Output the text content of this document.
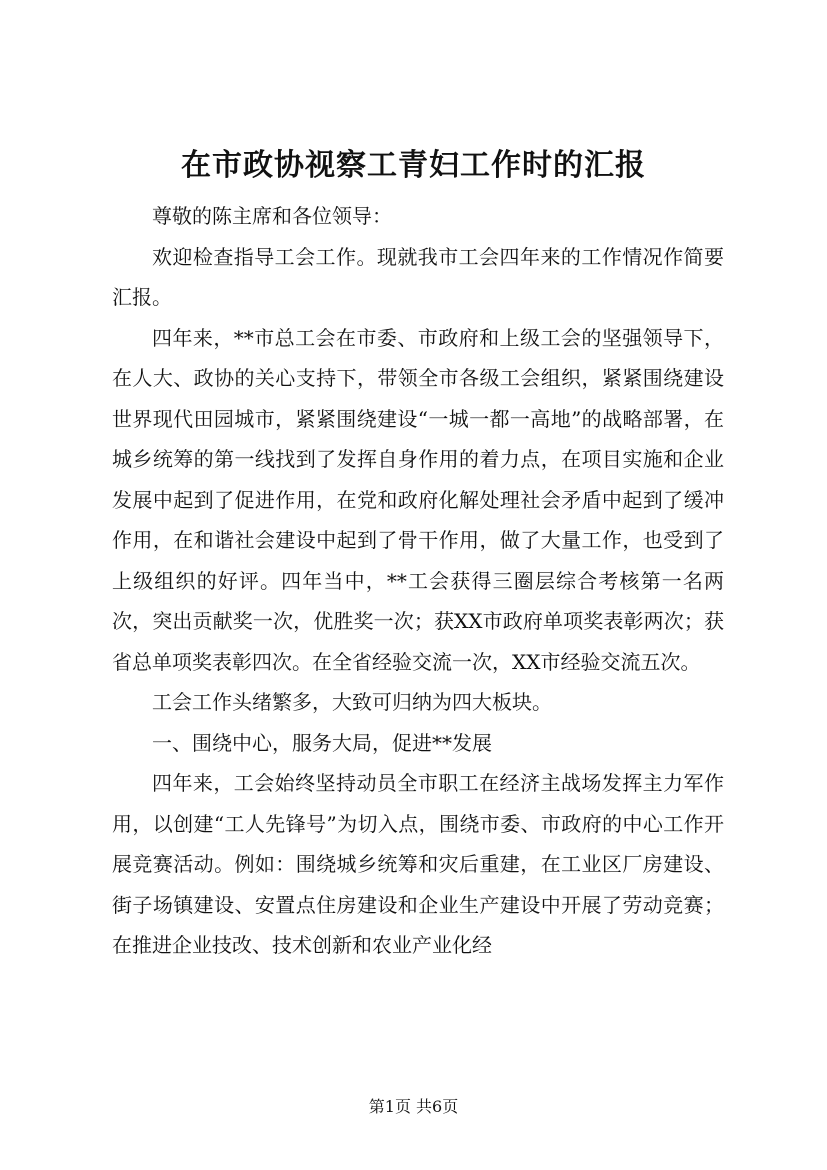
在市政协视察工青妇工作时的汇报

尊敬的陈主席和各位领导：

欢迎检查指导工会工作。现就我市工会四年来的工作情况作简要汇报。

四年来，**市总工会在市委、市政府和上级工会的坚强领导下，在人大、政协的关心支持下，带领全市各级工会组织，紧紧围绕建设世界现代田园城市，紧紧围绕建设“一城一都一高地”的战略部署，在城乡统筹的第一线找到了发挥自身作用的着力点，在项目实施和企业发展中起到了促进作用，在党和政府化解处理社会矛盾中起到了缓冲作用，在和谐社会建设中起到了骨干作用，做了大量工作，也受到了上级组织的好评。四年当中，**工会获得三圈层综合考核第一名两次，突出贡献奖一次，优胜奖一次；获XX市政府单项奖表彰两次；获省总单项奖表彰四次。在全省经验交流一次，XX市经验交流五次。

工会工作头绪繁多，大致可归纳为四大板块。

一、围绕中心，服务大局，促进**发展

四年来，工会始终坚持动员全市职工在经济主战场发挥主力军作用，以创建“工人先锋号”为切入点，围绕市委、市政府的中心工作开展竞赛活动。例如：围绕城乡统筹和灾后重建，在工业区厂房建设、街子场镇建设、安置点住房建设和企业生产建设中开展了劳动竞赛；在推进企业技改、技术创新和农业产业化经

第1页 共6页
